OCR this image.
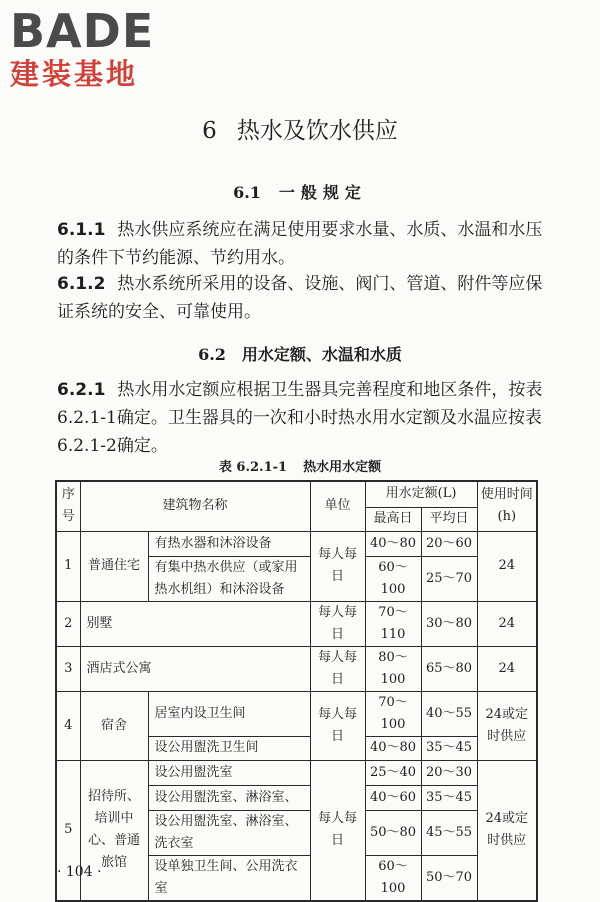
BADE
建装基地
6 热水及饮水供应
6.1 一般规定
6.1.1 热水供应系统应在满足使用要求水量、水质、水温和水压的条件下节约能源、节约用水。
6.1.2 热水系统所采用的设备、设施、阀门、管道、附件等应保证系统的安全、可靠使用。
6.2 用水定额、水温和水质
6.2.1 热水用水定额应根据卫生器具完善程度和地区条件，按表6.2.1-1确定。卫生器具的一次和小时热水用水定额及水温应按表6.2.1-2确定。
表 6.2.1-1 热水用水定额
序号	建筑物名称		单位	用水定额(L)		使用时间(h)
				最高日	平均日	
1	普通住宅	有热水器和沐浴设备	每人每日	40～80	20～60	24
		有集中热水供应（或家用热水机组）和沐浴设备		60～100	25～70	
2	别墅		每人每日	70～110	30～80	24
3	酒店式公寓		每人每日	80～100	65～80	24
4	宿舍	居室内设卫生间	每人每日	70～100	40～55	24或定时供应
		设公用盥洗卫生间		40～80	35～45	
5	招待所、培训中心、普通旅馆	设公用盥洗室	每人每日	25～40	20～30	24或定时供应
		设公用盥洗室、淋浴室、		40～60	35～45	
		设公用盥洗室、淋浴室、洗衣室		50～80	45～55	
		设单独卫生间、公用洗衣室		60～100	50～70	
· 104 ·
